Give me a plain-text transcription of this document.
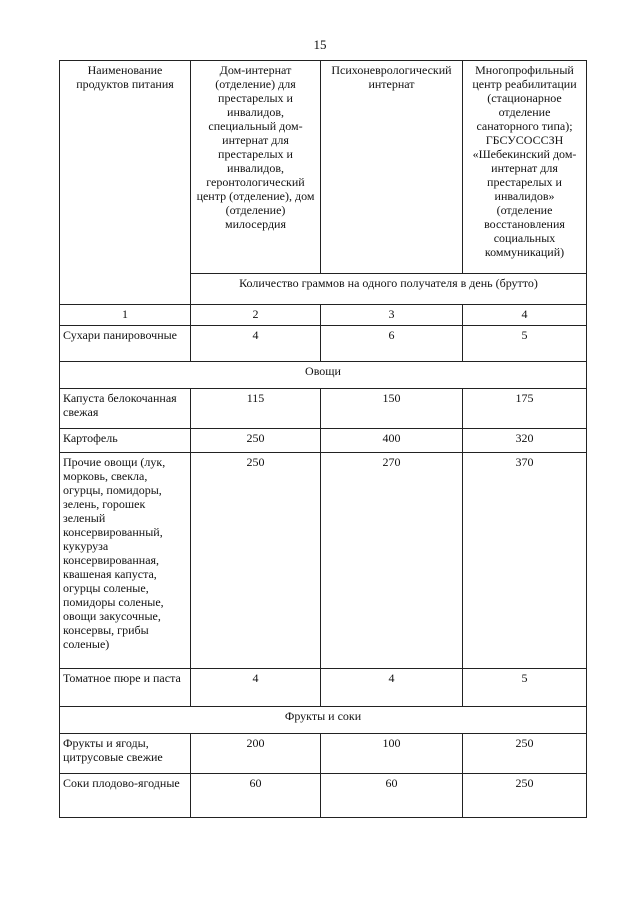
15
Наименование продуктов питания	Дом-интернат (отделение) для престарелых и инвалидов, специальный дом-интернат для престарелых и инвалидов, геронтологический центр (отделение), дом (отделение) милосердия	Психоневрологический интернат	Многопрофильный центр реабилитации (стационарное отделение санаторного типа); ГБСУСОССЗН «Шебекинский дом-интернат для престарелых и инвалидов» (отделение восстановления социальных коммуникаций)
	Количество граммов на одного получателя в день (брутто)		
1	2	3	4
Сухари панировочные	4	6	5
Овощи			
Капуста белокочанная свежая	115	150	175
Картофель	250	400	320
Прочие овощи (лук, морковь, свекла, огурцы, помидоры, зелень, горошек зеленый консервированный, кукуруза консервированная, квашеная капуста, огурцы соленые, помидоры соленые, овощи закусочные, консервы, грибы соленые)	250	270	370
Томатное пюре и паста	4	4	5
Фрукты и соки			
Фрукты и ягоды, цитрусовые свежие	200	100	250
Соки плодово-ягодные	60	60	250
